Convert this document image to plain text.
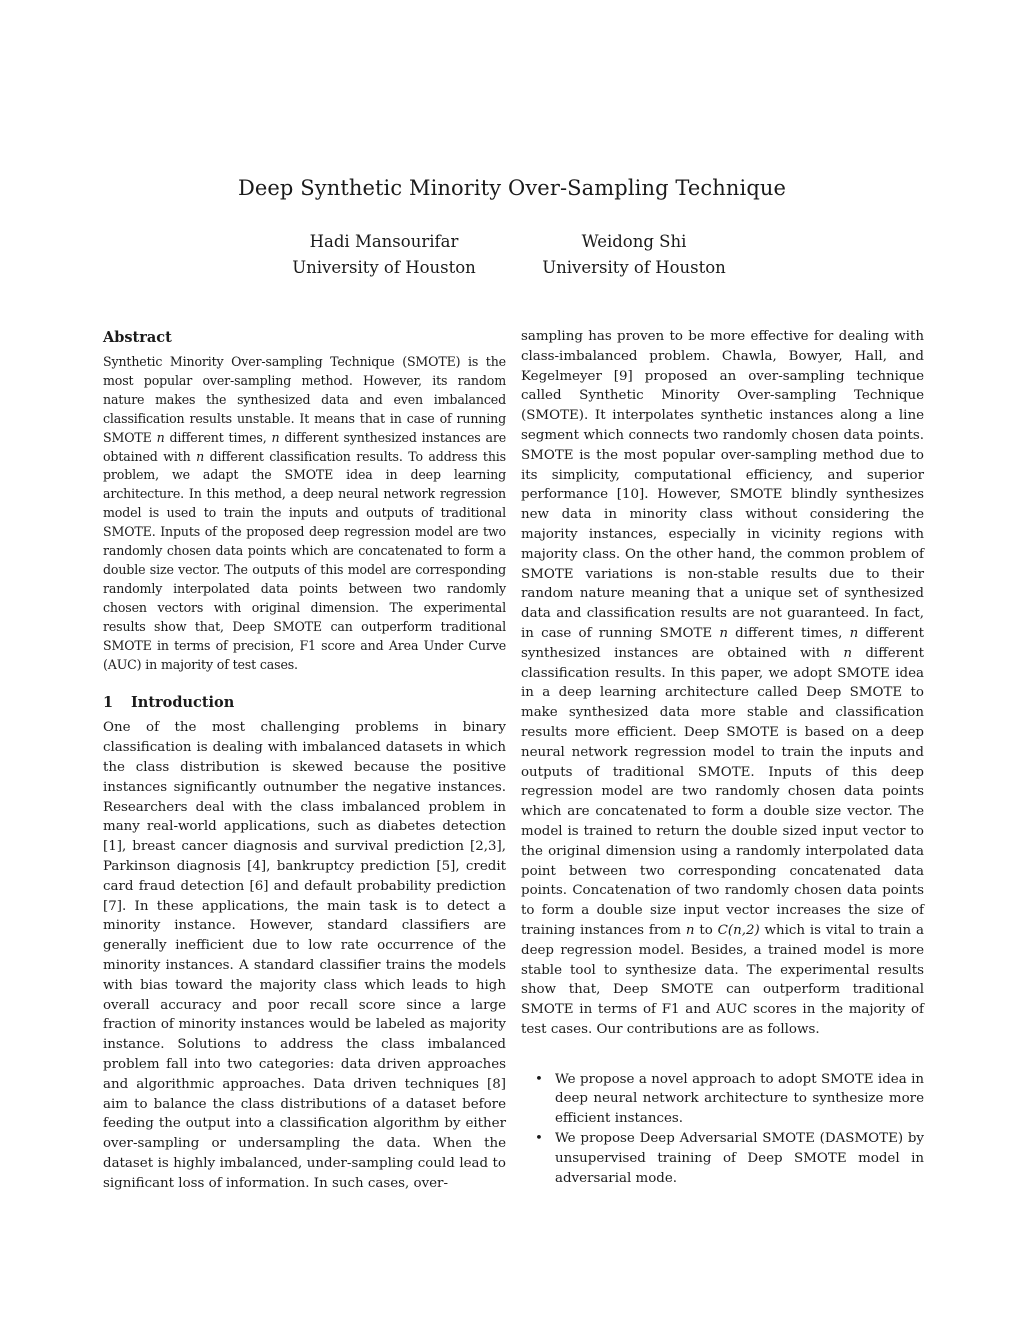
Deep Synthetic Minority Over-Sampling Technique
Hadi Mansourifar
University of Houston
Weidong Shi
University of Houston
Abstract

Synthetic Minority Over-sampling Technique (SMOTE) is the most popular over-sampling method. However, its random nature makes the synthesized data and even imbalanced classification results unstable. It means that in case of running SMOTE n different times, n different synthesized instances are obtained with n different classification results. To address this problem, we adapt the SMOTE idea in deep learning architecture. In this method, a deep neural network regression model is used to train the inputs and outputs of traditional SMOTE. Inputs of the proposed deep regression model are two randomly chosen data points which are concatenated to form a double size vector. The outputs of this model are corresponding randomly interpolated data points between two randomly chosen vectors with original dimension. The experimental results show that, Deep SMOTE can outperform traditional SMOTE in terms of precision, F1 score and Area Under Curve (AUC) in majority of test cases.

1 Introduction

One of the most challenging problems in binary classification is dealing with imbalanced datasets in which the class distribution is skewed because the positive instances significantly outnumber the negative instances. Researchers deal with the class imbalanced problem in many real-world applications, such as diabetes detection [1], breast cancer diagnosis and survival prediction [2,3], Parkinson diagnosis [4], bankruptcy prediction [5], credit card fraud detection [6] and default probability prediction [7]. In these applications, the main task is to detect a minority instance. However, standard classifiers are generally inefficient due to low rate occurrence of the minority instances. A standard classifier trains the models with bias toward the majority class which leads to high overall accuracy and poor recall score since a large fraction of minority instances would be labeled as majority instance. Solutions to address the class imbalanced problem fall into two categories: data driven approaches and algorithmic approaches. Data driven techniques [8] aim to balance the class distributions of a dataset before feeding the output into a classification algorithm by either over-sampling or undersampling the data. When the dataset is highly imbalanced, under-sampling could lead to significant loss of information. In such cases, over-

sampling has proven to be more effective for dealing with class-imbalanced problem. Chawla, Bowyer, Hall, and Kegelmeyer [9] proposed an over-sampling technique called Synthetic Minority Over-sampling Technique (SMOTE). It interpolates synthetic instances along a line segment which connects two randomly chosen data points. SMOTE is the most popular over-sampling method due to its simplicity, computational efficiency, and superior performance [10]. However, SMOTE blindly synthesizes new data in minority class without considering the majority instances, especially in vicinity regions with majority class. On the other hand, the common problem of SMOTE variations is non-stable results due to their random nature meaning that a unique set of synthesized data and classification results are not guaranteed. In fact, in case of running SMOTE n different times, n different synthesized instances are obtained with n different classification results. In this paper, we adopt SMOTE idea in a deep learning architecture called Deep SMOTE to make synthesized data more stable and classification results more efficient. Deep SMOTE is based on a deep neural network regression model to train the inputs and outputs of traditional SMOTE. Inputs of this deep regression model are two randomly chosen data points which are concatenated to form a double size vector. The model is trained to return the double sized input vector to the original dimension using a randomly interpolated data point between two corresponding concatenated data points. Concatenation of two randomly chosen data points to form a double size input vector increases the size of training instances from n to C(n,2) which is vital to train a deep regression model. Besides, a trained model is more stable tool to synthesize data. The experimental results show that, Deep SMOTE can outperform traditional SMOTE in terms of F1 and AUC scores in the majority of test cases. Our contributions are as follows.

• We propose a novel approach to adopt SMOTE idea in deep neural network architecture to synthesize more efficient instances.
• We propose Deep Adversarial SMOTE (DASMOTE) by unsupervised training of Deep SMOTE model in adversarial mode.
